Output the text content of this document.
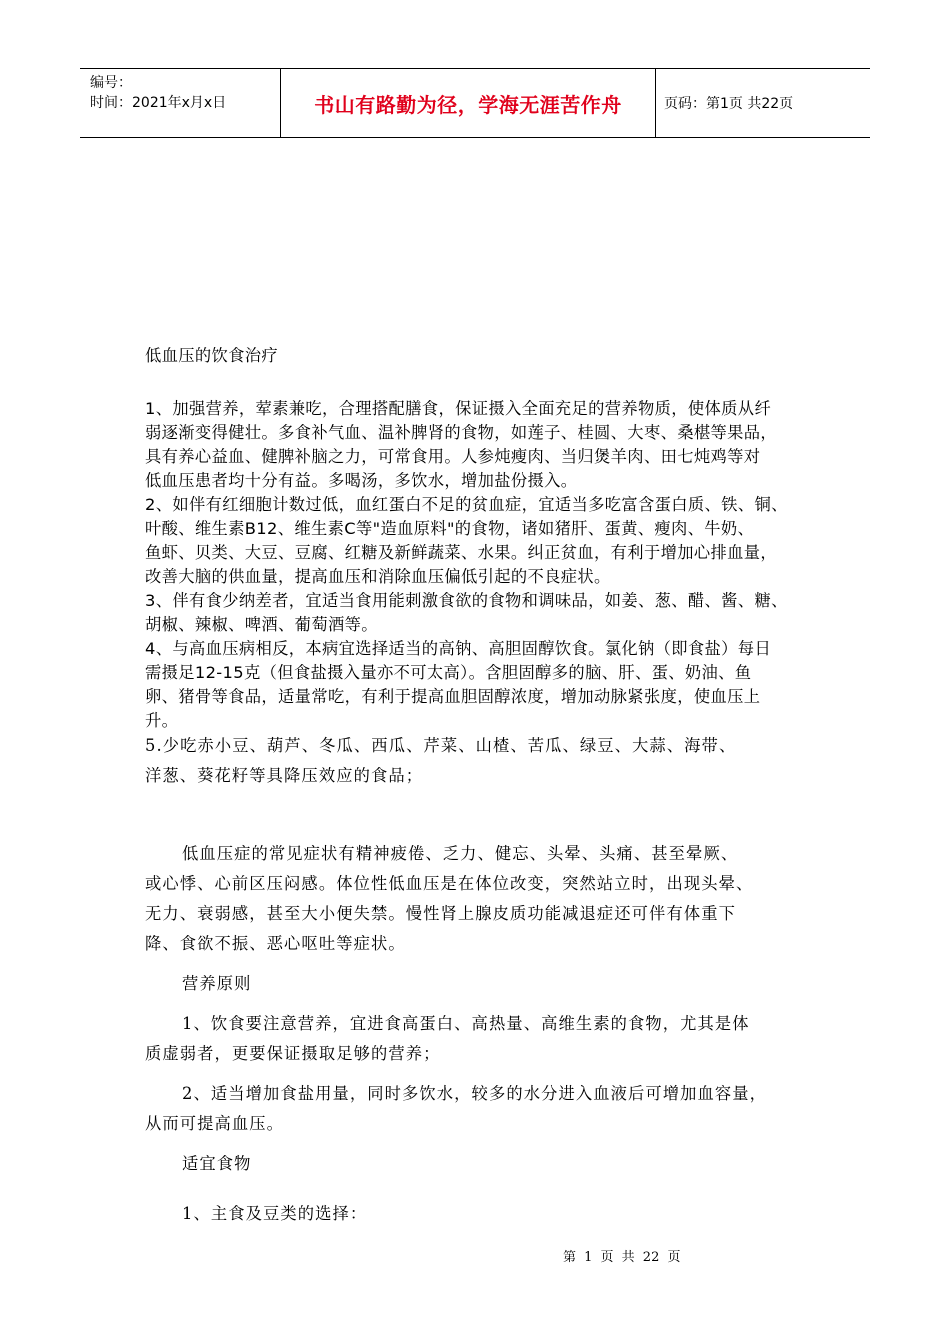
编号：
时间：2021年x月x日	书山有路勤为径，学海无涯苦作舟	页码：第1页 共22页
低血压的饮食治疗
1、加强营养，荤素兼吃，合理搭配膳食，保证摄入全面充足的营养物质，使体质从纤
弱逐渐变得健壮。多食补气血、温补脾肾的食物，如莲子、桂圆、大枣、桑椹等果品，
具有养心益血、健脾补脑之力，可常食用。人参炖瘦肉、当归煲羊肉、田七炖鸡等对
低血压患者均十分有益。多喝汤，多饮水，增加盐份摄入。
2、如伴有红细胞计数过低，血红蛋白不足的贫血症，宜适当多吃富含蛋白质、铁、铜、
叶酸、维生素B12、维生素C等"造血原料"的食物，诸如猪肝、蛋黄、瘦肉、牛奶、
鱼虾、贝类、大豆、豆腐、红糖及新鲜蔬菜、水果。纠正贫血，有利于增加心排血量，
改善大脑的供血量，提高血压和消除血压偏低引起的不良症状。
3、伴有食少纳差者，宜适当食用能刺激食欲的食物和调味品，如姜、葱、醋、酱、糖、
胡椒、辣椒、啤酒、葡萄酒等。
4、与高血压病相反，本病宜选择适当的高钠、高胆固醇饮食。氯化钠（即食盐）每日
需摄足12-15克（但食盐摄入量亦不可太高）。含胆固醇多的脑、肝、蛋、奶油、鱼
卵、猪骨等食品，适量常吃，有利于提高血胆固醇浓度，增加动脉紧张度，使血压上
升。
5.少吃赤小豆、葫芦、冬瓜、西瓜、芹菜、山楂、苦瓜、绿豆、大蒜、海带、
洋葱、葵花籽等具降压效应的食品；
低血压症的常见症状有精神疲倦、乏力、健忘、头晕、头痛、甚至晕厥、
或心悸、心前区压闷感。体位性低血压是在体位改变，突然站立时，出现头晕、
无力、衰弱感，甚至大小便失禁。慢性肾上腺皮质功能减退症还可伴有体重下
降、食欲不振、恶心呕吐等症状。
营养原则
1、饮食要注意营养，宜进食高蛋白、高热量、高维生素的食物，尤其是体
质虚弱者，更要保证摄取足够的营养；
2、适当增加食盐用量，同时多饮水，较多的水分进入血液后可增加血容量，
从而可提高血压。
适宜食物
1、主食及豆类的选择：
第 1 页 共 22 页
